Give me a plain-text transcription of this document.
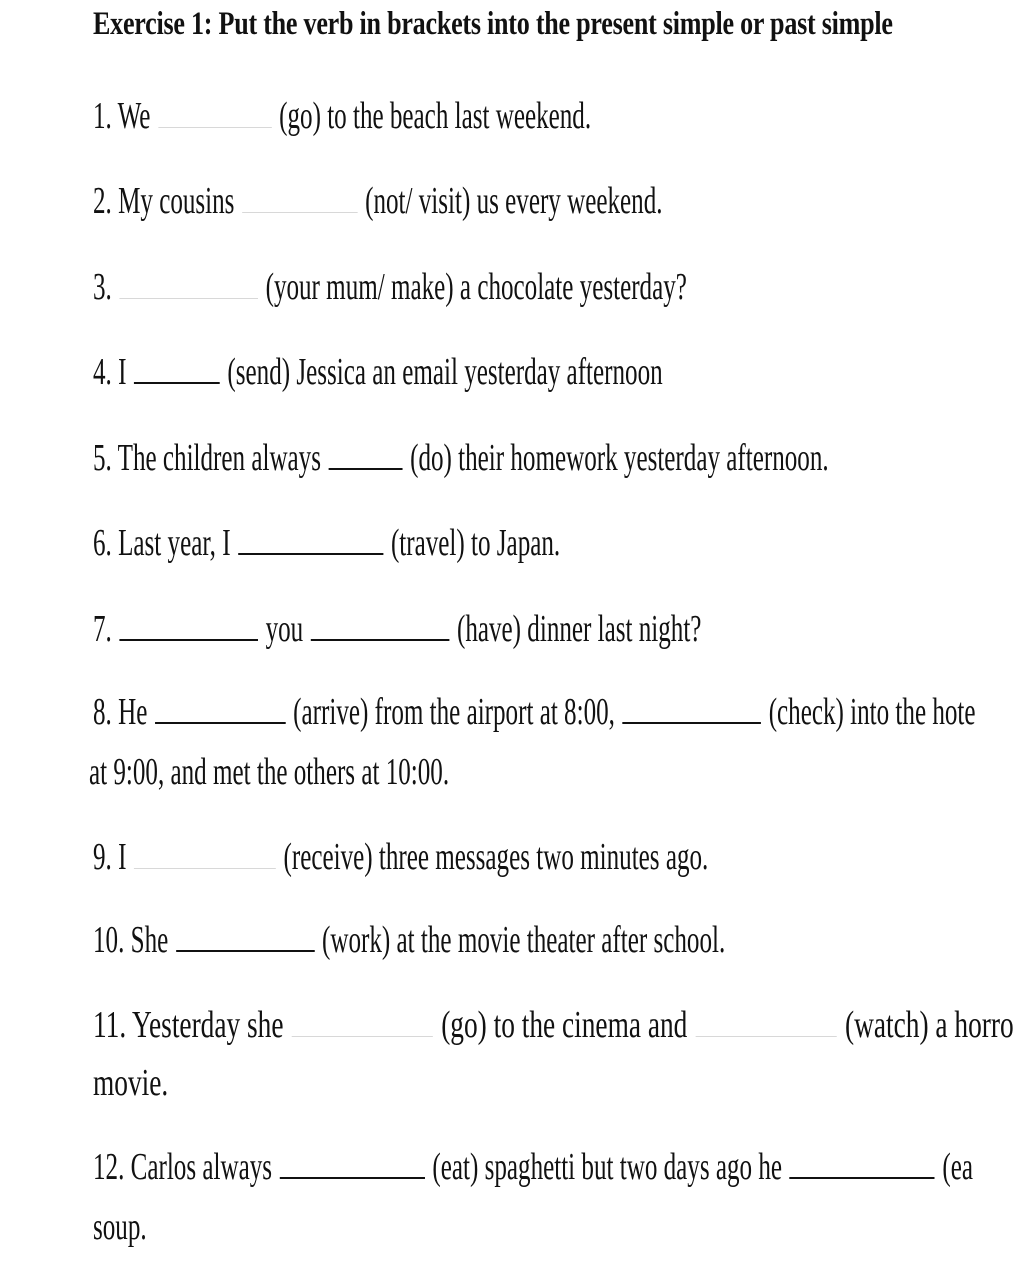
Exercise 1: Put the verb in brackets into the present simple or past simple
1. We	(go) to the beach last weekend.
2. My cousins	(not/ visit) us every weekend.
3.	(your mum/ make) a chocolate yesterday?
4. I	(send) Jessica an email yesterday afternoon
5. The children always (do) their homework yesterday afternoon.
6. Last year, I	(travel) to Japan.
7.	you	(have) dinner last night?
8. He	(arrive) from the airport at 8:00,	(check) into the hote
at 9:00, and met the others at 10:00.
9. I	(receive) three messages two minutes ago.
10. She	(work) at the movie theater after school.
11. Yesterday she	(go) to the cinema and	(watch) a horro
movie.
12. Carlos always	(eat) spaghetti but two days ago he	(ea
soup.
